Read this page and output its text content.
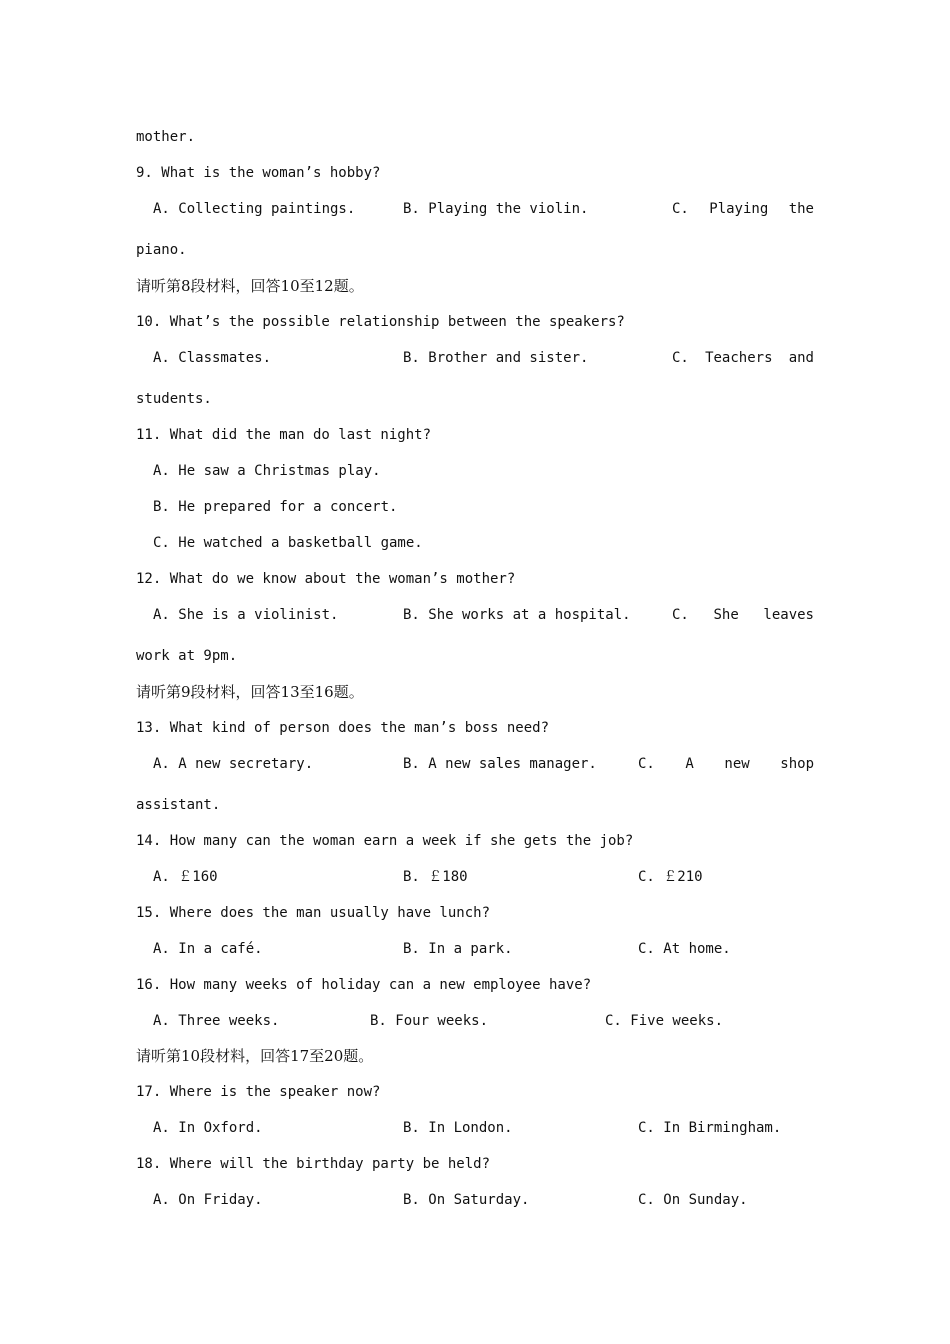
mother.
9. What is the woman’s hobby?
A. Collecting paintings.	B. Playing the violin.	C. Playing the
piano.
请听第8段材料，回答10至12题。
10. What’s the possible relationship between the speakers?
A. Classmates.	B. Brother and sister.	C. Teachers and
students.
11. What did the man do last night?
A. He saw a Christmas play.
B. He prepared for a concert.
C. He watched a basketball game.
12. What do we know about the woman’s mother?
A. She is a violinist.	B. She works at a hospital.	C. She leaves
work at 9pm.
请听第9段材料，回答13至16题。
13. What kind of person does the man’s boss need?
A. A new secretary.	B. A new sales manager.	C. A new shop
assistant.
14. How many can the woman earn a week if she gets the job?
A. ￡160	B. ￡180	C. ￡210
15. Where does the man usually have lunch?
A. In a café.	B. In a park.	C. At home.
16. How many weeks of holiday can a new employee have?
A. Three weeks.	B. Four weeks.	C. Five weeks.
请听第10段材料，回答17至20题。
17. Where is the speaker now?
A. In Oxford.	B. In London.	C. In Birmingham.
18. Where will the birthday party be held?
A. On Friday.	B. On Saturday.	C. On Sunday.
